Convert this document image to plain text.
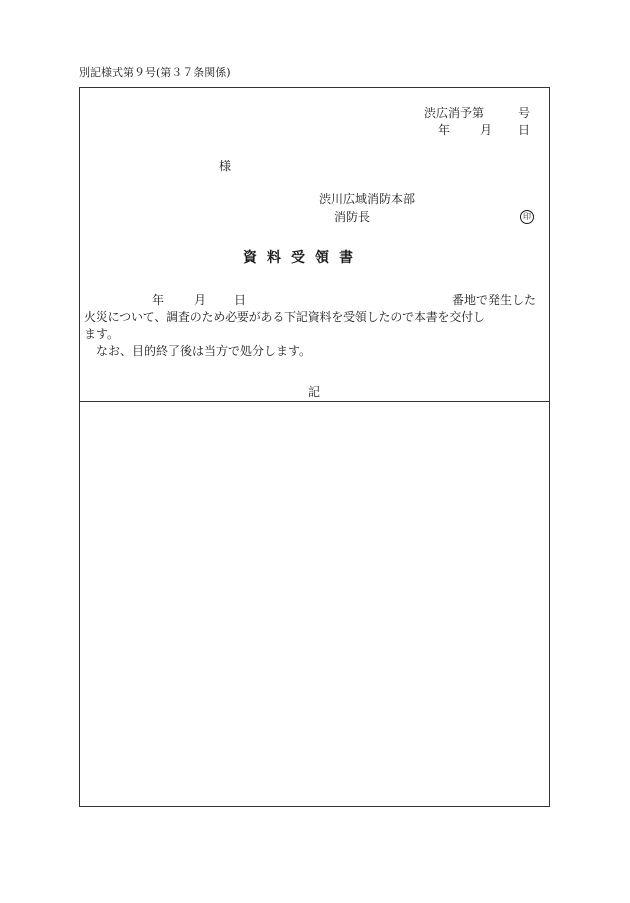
別記様式第９号(第３７条関係)
渋広消予第	号
年 月 日
様
渋川広域消防本部
消防長	印
資料受領書
年 月 日	番地で発生した
火災について、調査のため必要がある下記資料を受領したので本書を交付し
ます。
なお、目的終了後は当方で処分します。
記
